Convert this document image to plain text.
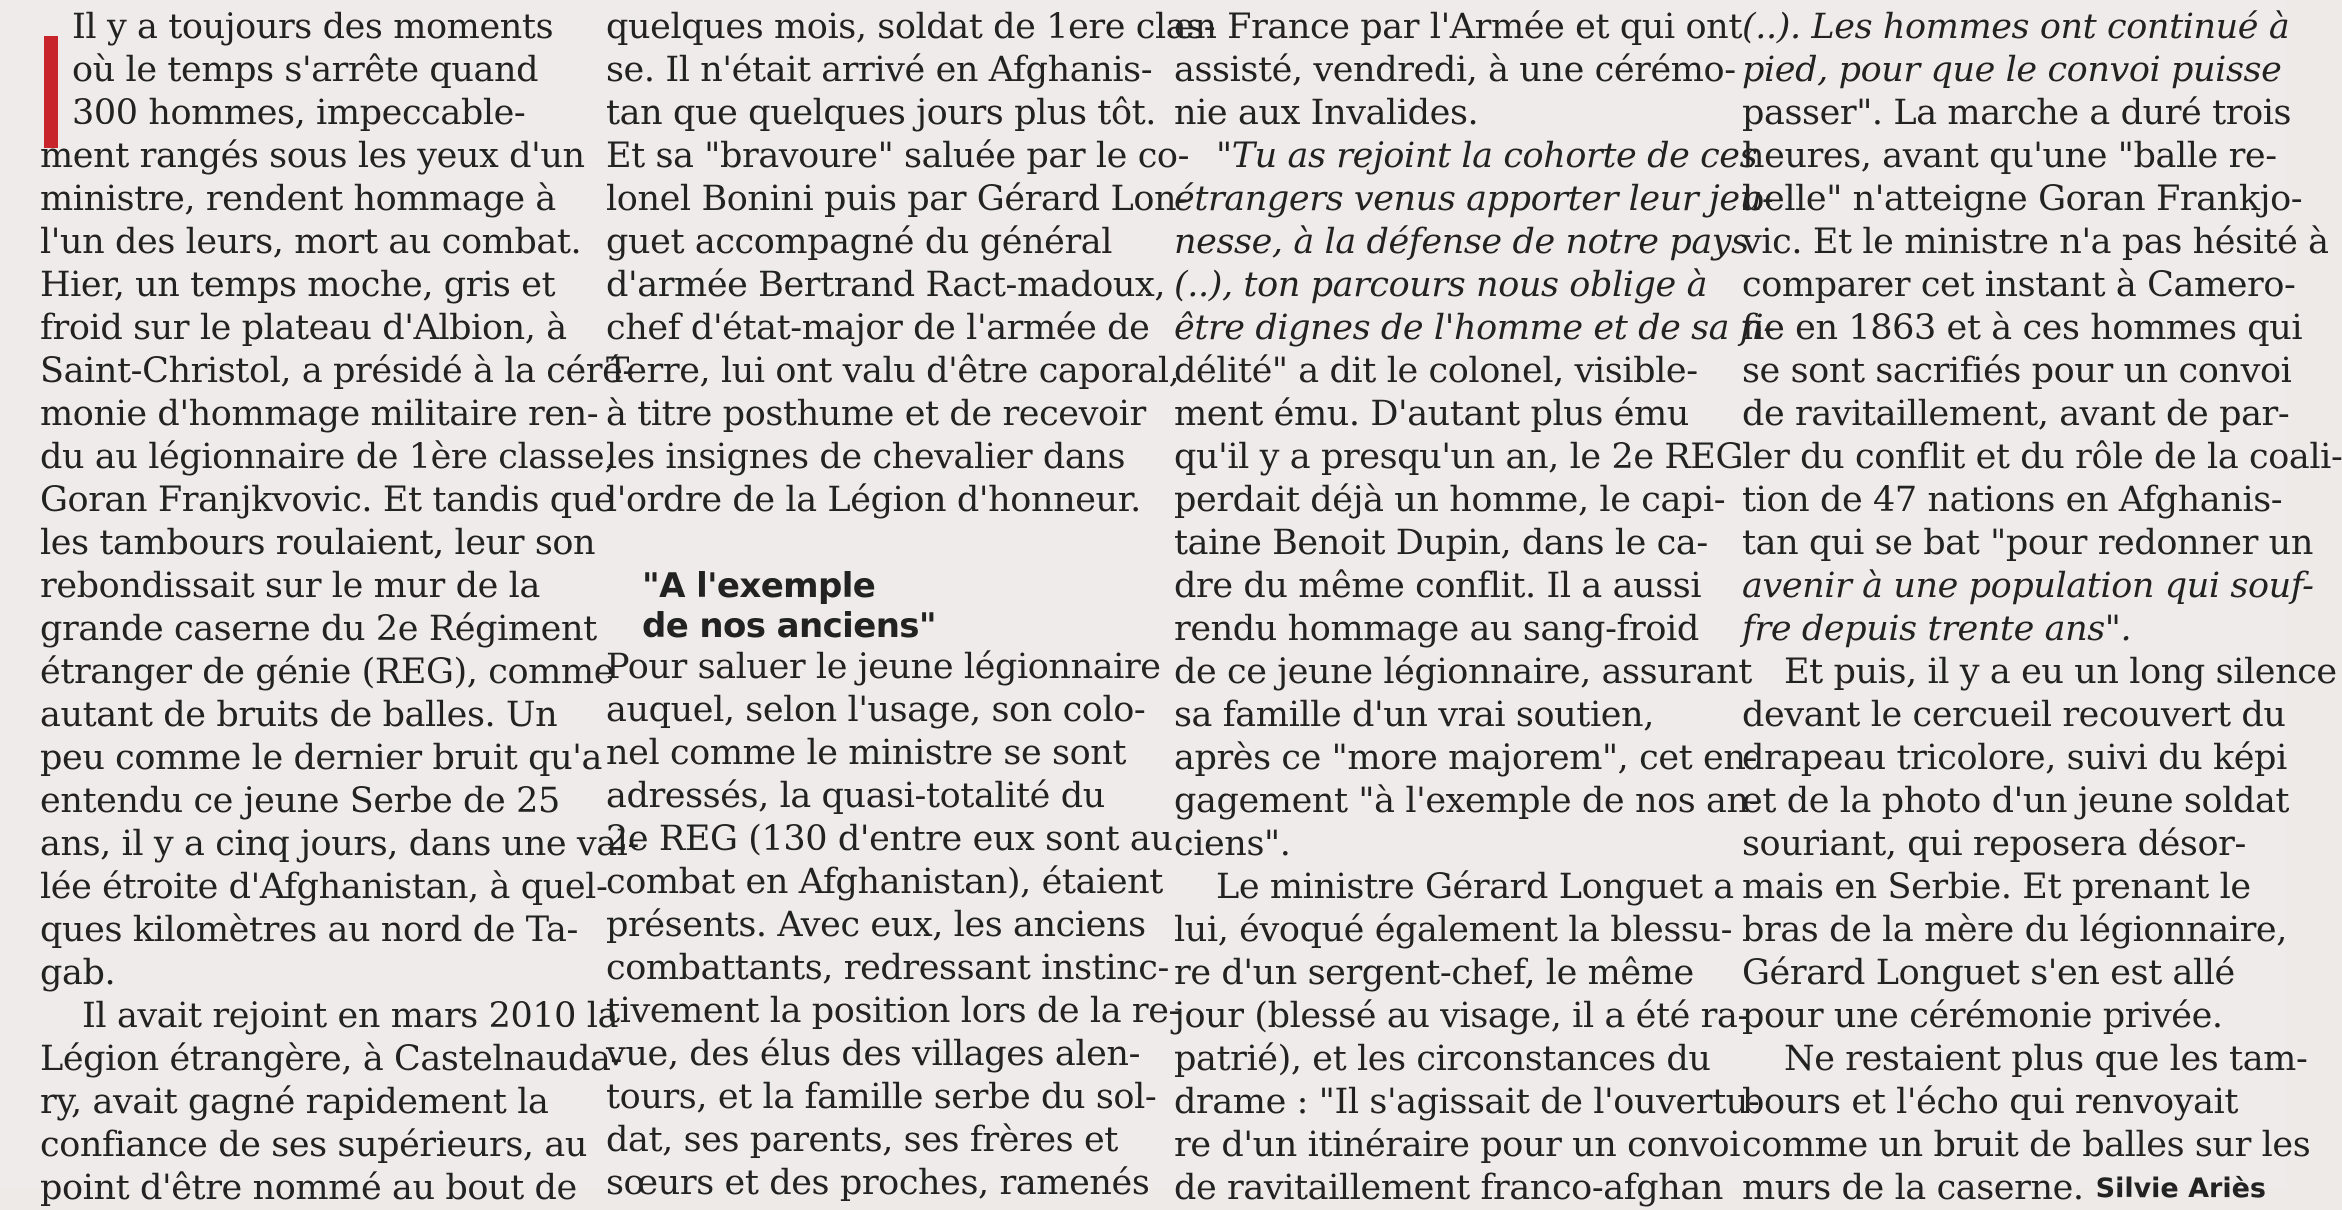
Il y a toujours des moments
où le temps s'arrête quand
300 hommes, impeccable-
ment rangés sous les yeux d'un
ministre, rendent hommage à
l'un des leurs, mort au combat.
Hier, un temps moche, gris et
froid sur le plateau d'Albion, à
Saint-Christol, a présidé à la céré-
monie d'hommage militaire ren-
du au légionnaire de 1ère classe,
Goran Franjkvovic. Et tandis que
les tambours roulaient, leur son
rebondissait sur le mur de la
grande caserne du 2e Régiment
étranger de génie (REG), comme
autant de bruits de balles. Un
peu comme le dernier bruit qu'a
entendu ce jeune Serbe de 25
ans, il y a cinq jours, dans une val-
lée étroite d'Afghanistan, à quel-
ques kilomètres au nord de Ta-
gab.
Il avait rejoint en mars 2010 la
Légion étrangère, à Castelnauda-
ry, avait gagné rapidement la
confiance de ses supérieurs, au
point d'être nommé au bout de
quelques mois, soldat de 1ere clas-
se. Il n'était arrivé en Afghanis-
tan que quelques jours plus tôt.
Et sa "bravoure" saluée par le co-
lonel Bonini puis par Gérard Lon-
guet accompagné du général
d'armée Bertrand Ract-madoux,
chef d'état-major de l'armée de
Terre, lui ont valu d'être caporal,
à titre posthume et de recevoir
les insignes de chevalier dans
l'ordre de la Légion d'honneur.
"A l'exemple
de nos anciens"
Pour saluer le jeune légionnaire
auquel, selon l'usage, son colo-
nel comme le ministre se sont
adressés, la quasi-totalité du
2e REG (130 d'entre eux sont au
combat en Afghanistan), étaient
présents. Avec eux, les anciens
combattants, redressant instinc-
tivement la position lors de la re-
vue, des élus des villages alen-
tours, et la famille serbe du sol-
dat, ses parents, ses frères et
sœurs et des proches, ramenés
en France par l'Armée et qui ont
assisté, vendredi, à une cérémo-
nie aux Invalides.
"Tu as rejoint la cohorte de ces
étrangers venus apporter leur jeu-
nesse, à la défense de notre pays
(..), ton parcours nous oblige à
être dignes de l'homme et de sa fi-
délité" a dit le colonel, visible-
ment ému. D'autant plus ému
qu'il y a presqu'un an, le 2e REG
perdait déjà un homme, le capi-
taine Benoit Dupin, dans le ca-
dre du même conflit. Il a aussi
rendu hommage au sang-froid
de ce jeune légionnaire, assurant
sa famille d'un vrai soutien,
après ce "more majorem", cet en-
gagement "à l'exemple de nos an-
ciens".
Le ministre Gérard Longuet a
lui, évoqué également la blessu-
re d'un sergent-chef, le même
jour (blessé au visage, il a été ra-
patrié), et les circonstances du
drame : "Il s'agissait de l'ouvertu-
re d'un itinéraire pour un convoi
de ravitaillement franco-afghan
(..). Les hommes ont continué à
pied, pour que le convoi puisse
passer". La marche a duré trois
heures, avant qu'une "balle re-
belle" n'atteigne Goran Frankjo-
vic. Et le ministre n'a pas hésité à
comparer cet instant à Camero-
ne en 1863 et à ces hommes qui
se sont sacrifiés pour un convoi
de ravitaillement, avant de par-
ler du conflit et du rôle de la coali-
tion de 47 nations en Afghanis-
tan qui se bat "pour redonner un
avenir à une population qui souf-
fre depuis trente ans".
Et puis, il y a eu un long silence
devant le cercueil recouvert du
drapeau tricolore, suivi du képi
et de la photo d'un jeune soldat
souriant, qui reposera désor-
mais en Serbie. Et prenant le
bras de la mère du légionnaire,
Gérard Longuet s'en est allé
pour une cérémonie privée.
Ne restaient plus que les tam-
bours et l'écho qui renvoyait
comme un bruit de balles sur les
murs de la caserne. Silvie Ariès
